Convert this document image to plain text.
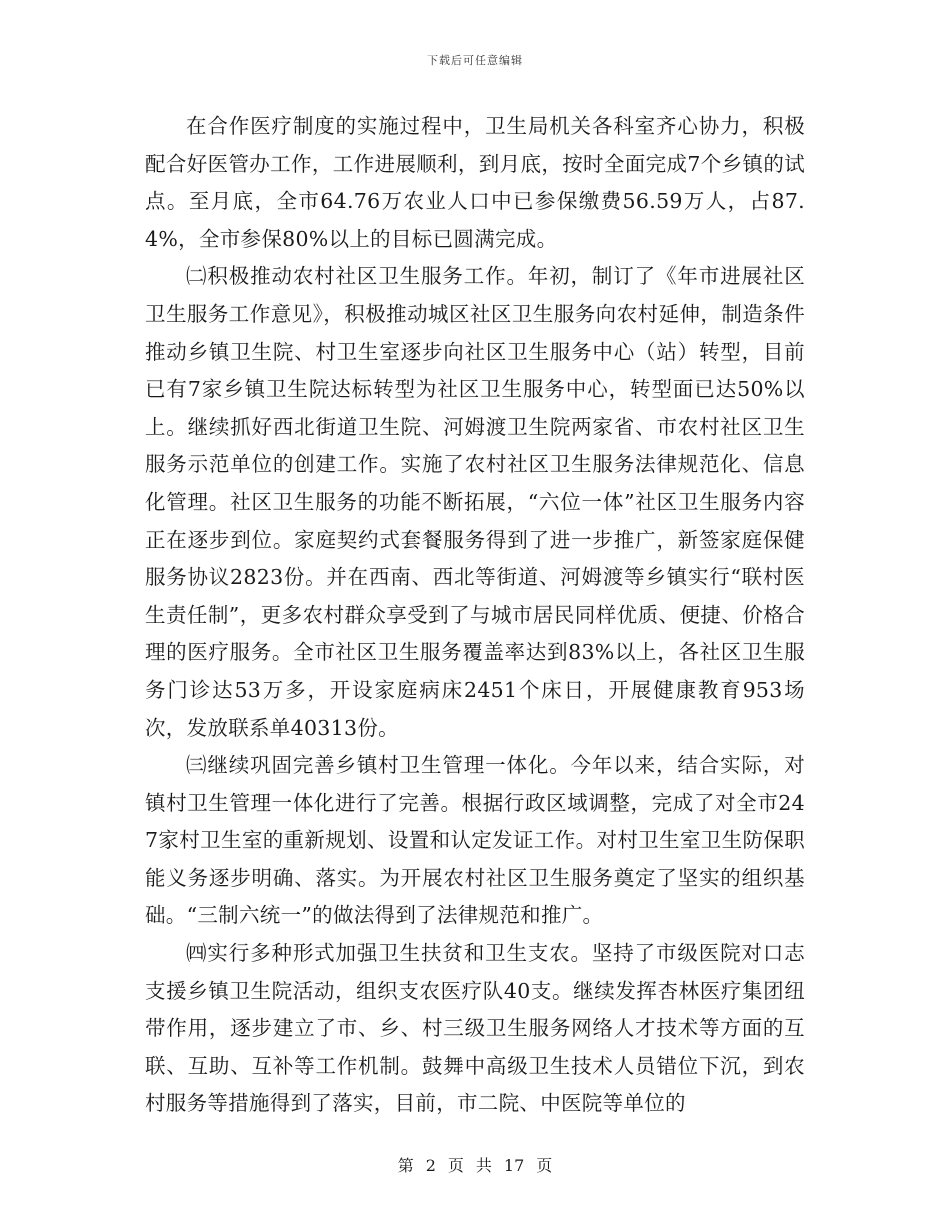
下载后可任意编辑

在合作医疗制度的实施过程中，卫生局机关各科室齐心协力，积极配合好医管办工作，工作进展顺利，到月底，按时全面完成7个乡镇的试点。至月底，全市64.76万农业人口中已参保缴费56.59万人，占87.4%，全市参保80%以上的目标已圆满完成。

㈡积极推动农村社区卫生服务工作。年初，制订了《年市进展社区卫生服务工作意见》，积极推动城区社区卫生服务向农村延伸，制造条件推动乡镇卫生院、村卫生室逐步向社区卫生服务中心（站）转型，目前已有7家乡镇卫生院达标转型为社区卫生服务中心，转型面已达50%以上。继续抓好西北街道卫生院、河姆渡卫生院两家省、市农村社区卫生服务示范单位的创建工作。实施了农村社区卫生服务法律规范化、信息化管理。社区卫生服务的功能不断拓展，“六位一体”社区卫生服务内容正在逐步到位。家庭契约式套餐服务得到了进一步推广，新签家庭保健服务协议2823份。并在西南、西北等街道、河姆渡等乡镇实行“联村医生责任制”，更多农村群众享受到了与城市居民同样优质、便捷、价格合理的医疗服务。全市社区卫生服务覆盖率达到83%以上，各社区卫生服务门诊达53万多，开设家庭病床2451个床日，开展健康教育953场次，发放联系单40313份。

㈢继续巩固完善乡镇村卫生管理一体化。今年以来，结合实际，对镇村卫生管理一体化进行了完善。根据行政区域调整，完成了对全市247家村卫生室的重新规划、设置和认定发证工作。对村卫生室卫生防保职能义务逐步明确、落实。为开展农村社区卫生服务奠定了坚实的组织基础。“三制六统一”的做法得到了法律规范和推广。

㈣实行多种形式加强卫生扶贫和卫生支农。坚持了市级医院对口志支援乡镇卫生院活动，组织支农医疗队40支。继续发挥杏林医疗集团纽带作用，逐步建立了市、乡、村三级卫生服务网络人才技术等方面的互联、互助、互补等工作机制。鼓舞中高级卫生技术人员错位下沉，到农村服务等措施得到了落实，目前，市二院、中医院等单位的

第 2 页 共 17 页
